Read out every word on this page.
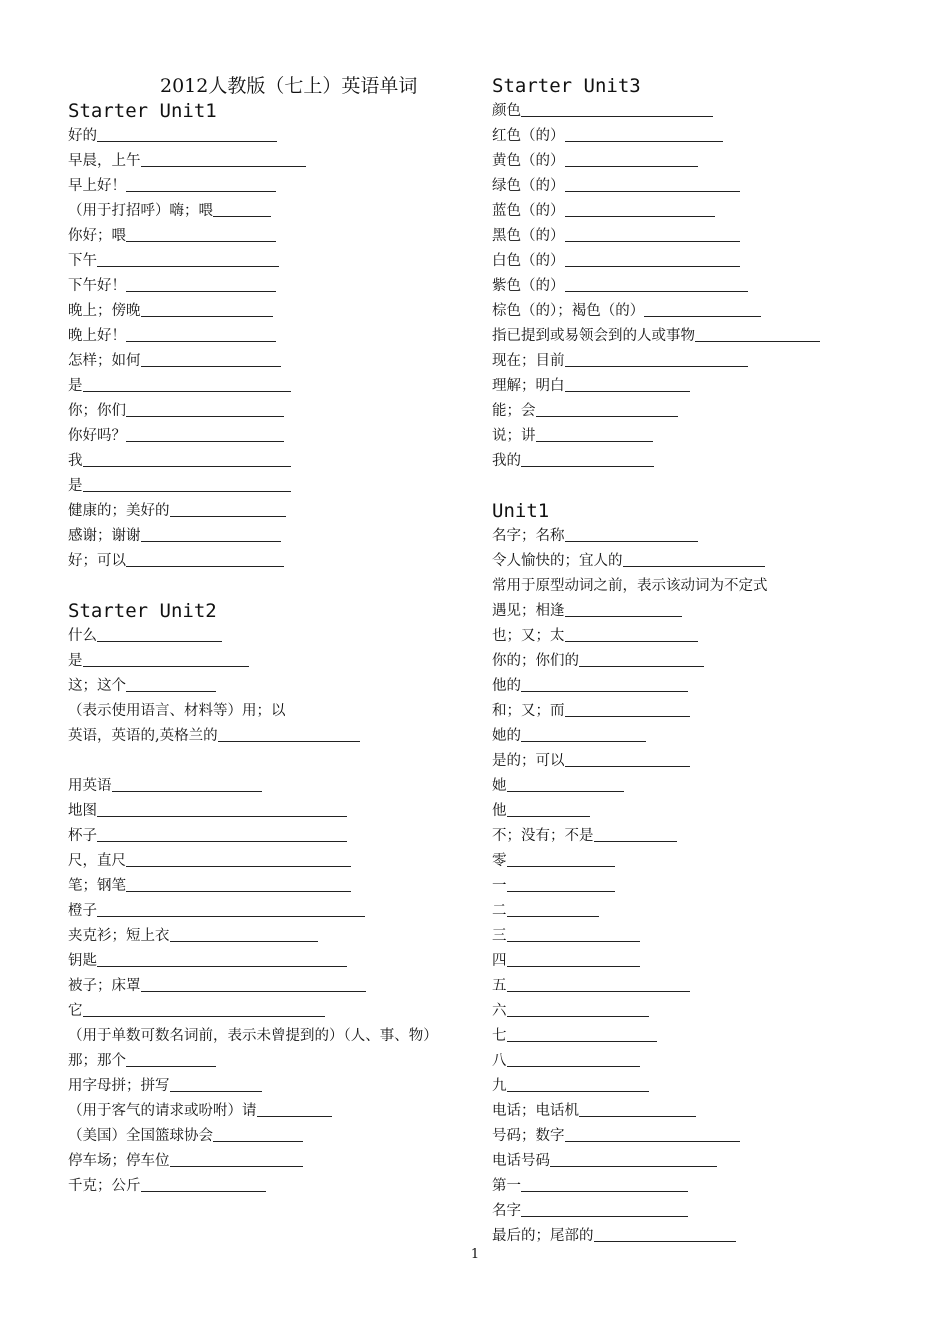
2012人教版（七上）英语单词
Starter Unit1
好的
早晨，上午
早上好！
（用于打招呼）嗨；喂
你好；喂
下午
下午好！
晚上；傍晚
晚上好！
怎样；如何
是
你；你们
你好吗？
我
是
健康的；美好的
感谢；谢谢
好；可以
Starter Unit2
什么
是
这；这个
（表示使用语言、材料等）用；以
英语，英语的,英格兰的
用英语
地图
杯子
尺，直尺
笔；钢笔
橙子
夹克衫；短上衣
钥匙
被子；床罩
它
（用于单数可数名词前，表示未曾提到的）（人、事、物）
那；那个
用字母拼；拼写
（用于客气的请求或吩咐）请
（美国）全国篮球协会
停车场；停车位
千克；公斤
Starter Unit3
颜色
红色（的）
黄色（的）
绿色（的）
蓝色（的）
黑色（的）
白色（的）
紫色（的）
棕色（的）；褐色（的）
指已提到或易领会到的人或事物
现在；目前
理解；明白
能；会
说；讲
我的
Unit1
名字；名称
令人愉快的；宜人的
常用于原型动词之前，表示该动词为不定式
遇见；相逢
也；又；太
你的；你们的
他的
和；又；而
她的
是的；可以
她
他
不；没有；不是
零
一
二
三
四
五
六
七
八
九
电话；电话机
号码；数字
电话号码
第一
名字
最后的；尾部的
1
